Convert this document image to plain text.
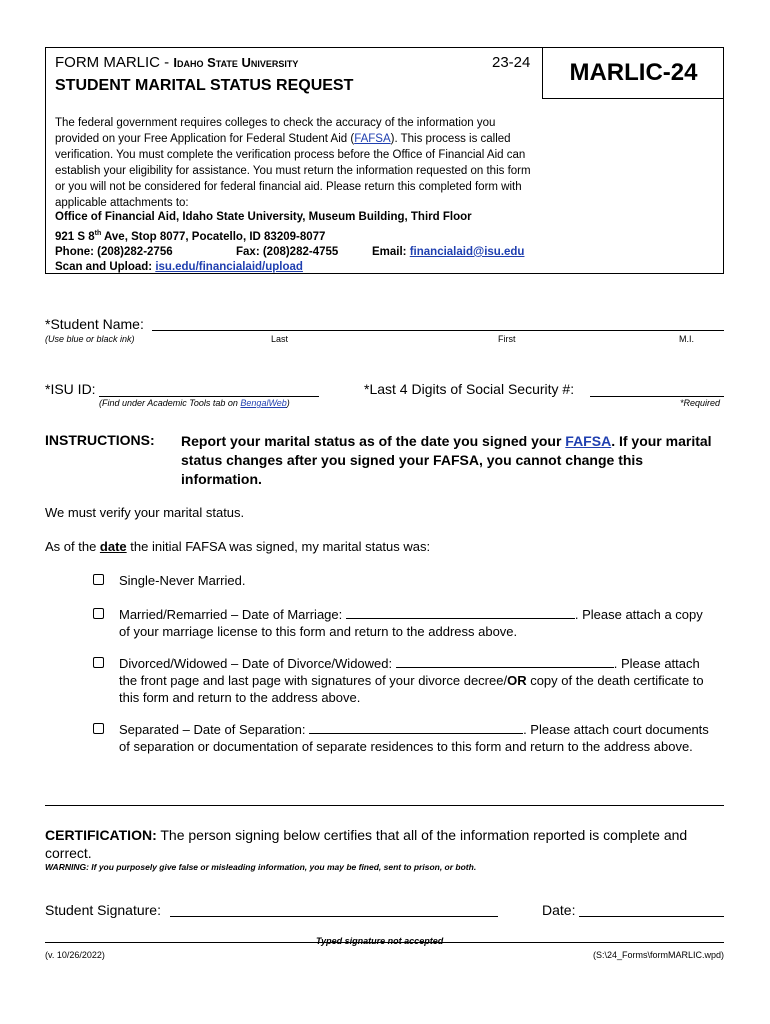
MARLIC-24
FORM MARLIC - Idaho State University	23-24
STUDENT MARITAL STATUS REQUEST
The federal government requires colleges to check the accuracy of the information you provided on your Free Application for Federal Student Aid (FAFSA). This process is called verification. You must complete the verification process before the Office of Financial Aid can establish your eligibility for assistance. You must return the information requested on this form or you will not be considered for federal financial aid. Please return this completed form with applicable attachments to:
Office of Financial Aid, Idaho State University, Museum Building, Third Floor
921 S 8th Ave, Stop 8077, Pocatello, ID 83209-8077
Phone: (208)282-2756	Fax: (208)282-4755	Email: financialaid@isu.edu
Scan and Upload: isu.edu/financialaid/upload
*Student Name:
(Use blue or black ink)	Last	First	M.I.
*ISU ID:
(Find under Academic Tools tab on BengalWeb)
*Last 4 Digits of Social Security #:
*Required
INSTRUCTIONS: Report your marital status as of the date you signed your FAFSA. If your marital status changes after you signed your FAFSA, you cannot change this information.
We must verify your marital status.
As of the date the initial FAFSA was signed, my marital status was:
Single-Never Married.
Married/Remarried – Date of Marriage:	. Please attach a copy of your marriage license to this form and return to the address above.
Divorced/Widowed – Date of Divorce/Widowed:	. Please attach the front page and last page with signatures of your divorce decree/OR copy of the death certificate to this form and return to the address above.
Separated – Date of Separation:	. Please attach court documents of separation or documentation of separate residences to this form and return to the address above.
CERTIFICATION: The person signing below certifies that all of the information reported is complete and correct.
WARNING: If you purposely give false or misleading information, you may be fined, sent to prison, or both.
Student Signature:	Date:
Typed signature not accepted
(v. 10/26/2022)	(S:\24_Forms\formMARLIC.wpd)
